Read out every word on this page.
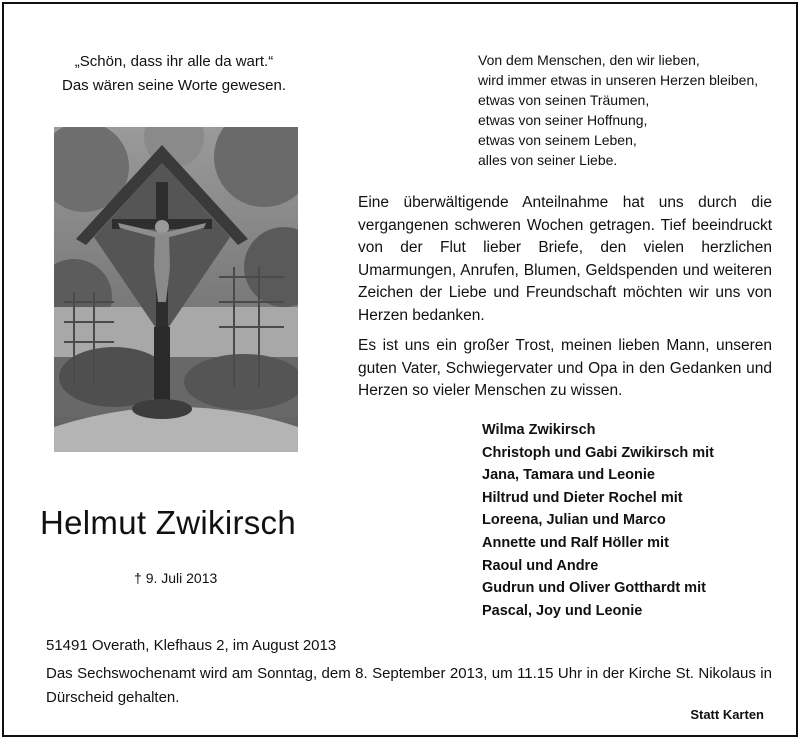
„Schön, dass ihr alle da wart.“
Das wären seine Worte gewesen.
Von dem Menschen, den wir lieben,
wird immer etwas in unseren Herzen bleiben,
etwas von seinen Träumen,
etwas von seiner Hoffnung,
etwas von seinem Leben,
alles von seiner Liebe.

Eine überwältigende Anteilnahme hat uns durch die vergangenen schweren Wochen getragen. Tief beeindruckt von der Flut lieber Briefe, den vielen herzlichen Umarmungen, Anrufen, Blumen, Geldspenden und weiteren Zeichen der Liebe und Freundschaft möchten wir uns von Herzen bedanken.

Es ist uns ein großer Trost, meinen lieben Mann, unseren guten Vater, Schwiegervater und Opa in den Gedanken und Herzen so vieler Menschen zu wissen.

Wilma Zwikirsch
Christoph und Gabi Zwikirsch mit
Jana, Tamara und Leonie
Hiltrud und Dieter Rochel mit
Loreena, Julian und Marco
Annette und Ralf Höller mit
Raoul und Andre
Gudrun und Oliver Gotthardt mit
Pascal, Joy und Leonie
Helmut Zwikirsch
† 9. Juli 2013
51491 Overath, Klefhaus 2, im August 2013
Das Sechswochenamt wird am Sonntag, dem 8. September 2013, um 11.15 Uhr in der Kirche St. Nikolaus in Dürscheid gehalten.
Statt Karten
